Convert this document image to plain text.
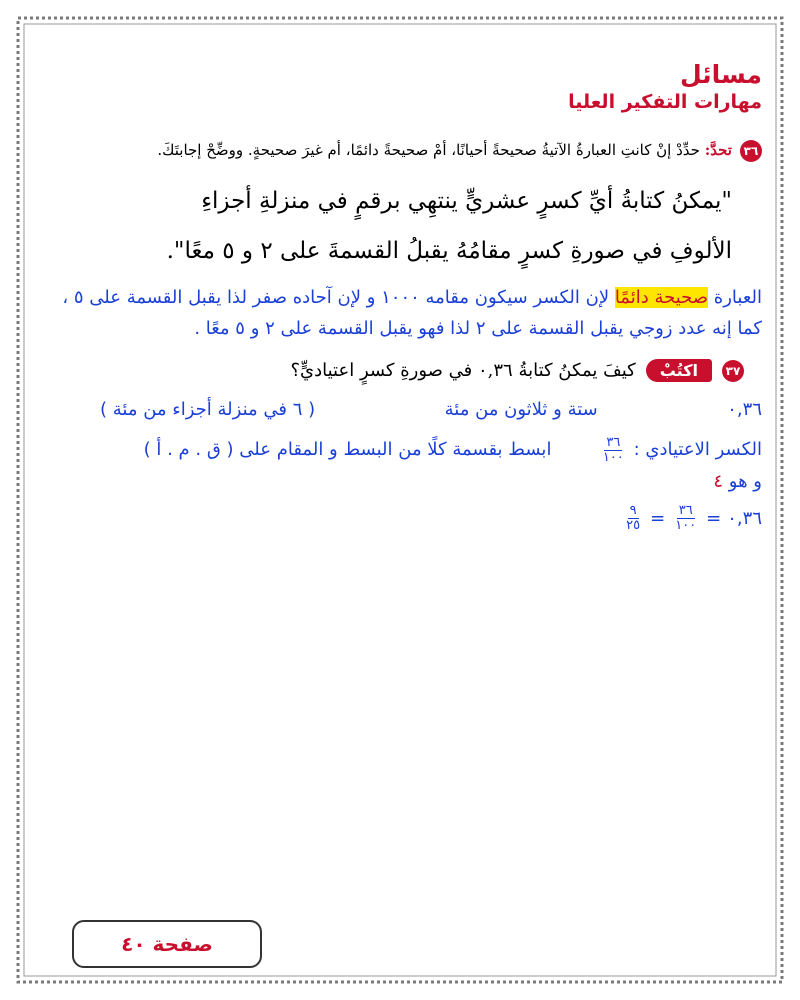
مسائل
مهارات التفكير العليا
٣٦
تحدَّ: حدِّدْ إنْ كانتِ العبارةُ الآتيةُ صحيحةً أحيانًا، أمْ صحيحةً دائمًا، أم غيرَ صحيحةٍ. ووضِّحْ إجابتَكَ.
"يمكنُ كتابةُ أيِّ كسرٍ عشريٍّ ينتهِي برقمٍ في منزلةِ أجزاءِ
الألوفِ في صورةِ كسرٍ مقامُهُ يقبلُ القسمةَ على ٢ و ٥ معًا".
العبارة صحيحة دائمًا لإن الكسر سيكون مقامه ١٠٠٠ و لإن آحاده صفر لذا يقبل القسمة على ٥ ، كما إنه عدد زوجي يقبل القسمة على ٢ لذا فهو يقبل القسمة على ٢ و ٥ معًا .
٣٧
اكتُبْ
كيفَ يمكنُ كتابةُ ٠,٣٦ في صورةِ كسرٍ اعتياديٍّ؟
٠,٣٦
ستة و ثلاثون من مئة
( ٦ في منزلة أجزاء من مئة )
الكسر الاعتيادي :
$\frac{٣٦}{١٠٠}$
ابسط بقسمة كلًا من البسط و المقام على ( ق . م . أ )
و هو ٤
٠,٣٦
=
$\frac{٣٦}{١٠٠}$
=
$\frac{٩}{٢٥}$
صفحة ٤٠
